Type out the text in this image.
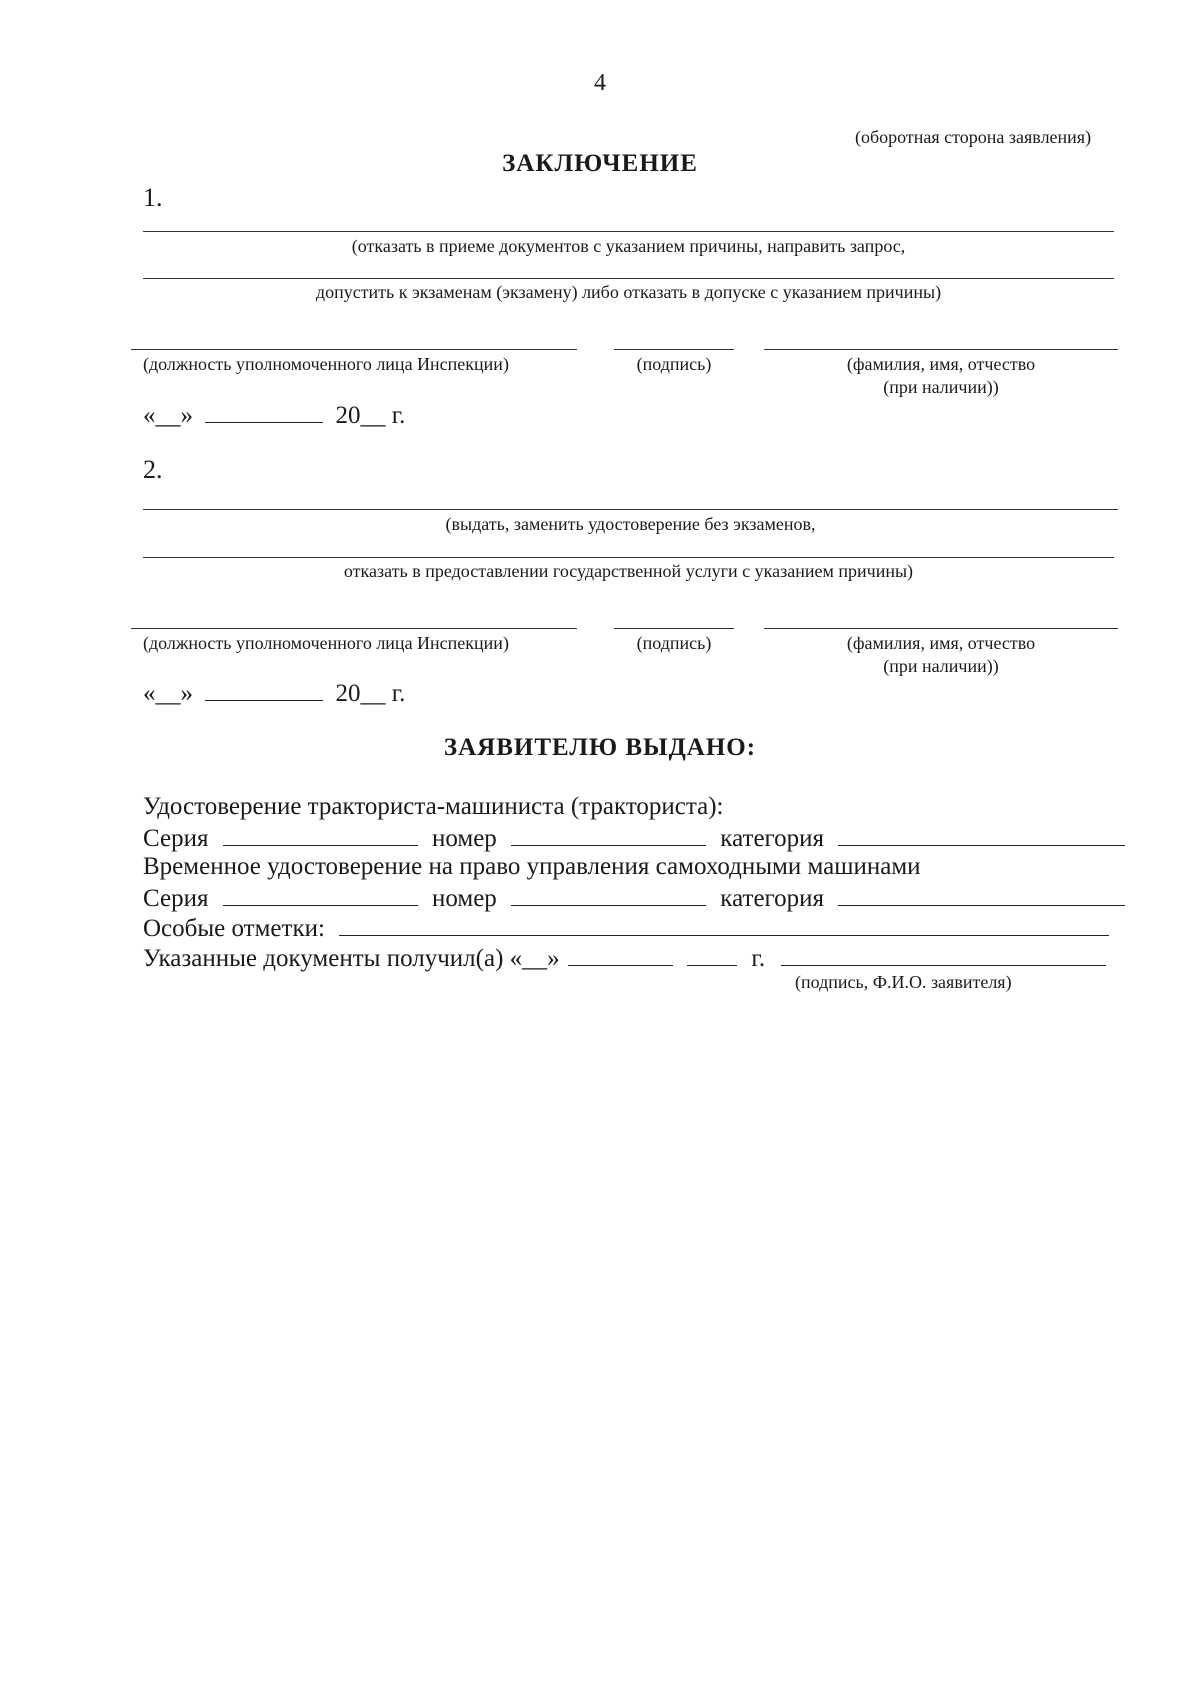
4
(оборотная сторона заявления)
ЗАКЛЮЧЕНИЕ
1.
(отказать в приеме документов с указанием причины, направить запрос,
допустить к экзаменам (экзамену) либо отказать в допуске с указанием причины)
(должность уполномоченного лица Инспекции)	(подпись)	(фамилия, имя, отчество
(при наличии))
«__»	20__ г.
2.
(выдать, заменить удостоверение без экзаменов,
отказать в предоставлении государственной услуги с указанием причины)
(должность уполномоченного лица Инспекции)	(подпись)	(фамилия, имя, отчество
(при наличии))
«__»	20__ г.
ЗАЯВИТЕЛЮ ВЫДАНО:
Удостоверение тракториста-машиниста (тракториста):
Серия	номер	категория
Временное удостоверение на право управления самоходными машинами
Серия	номер	категория
Особые отметки:
Указанные документы получил(а) «__»	г.
(подпись, Ф.И.О. заявителя)
